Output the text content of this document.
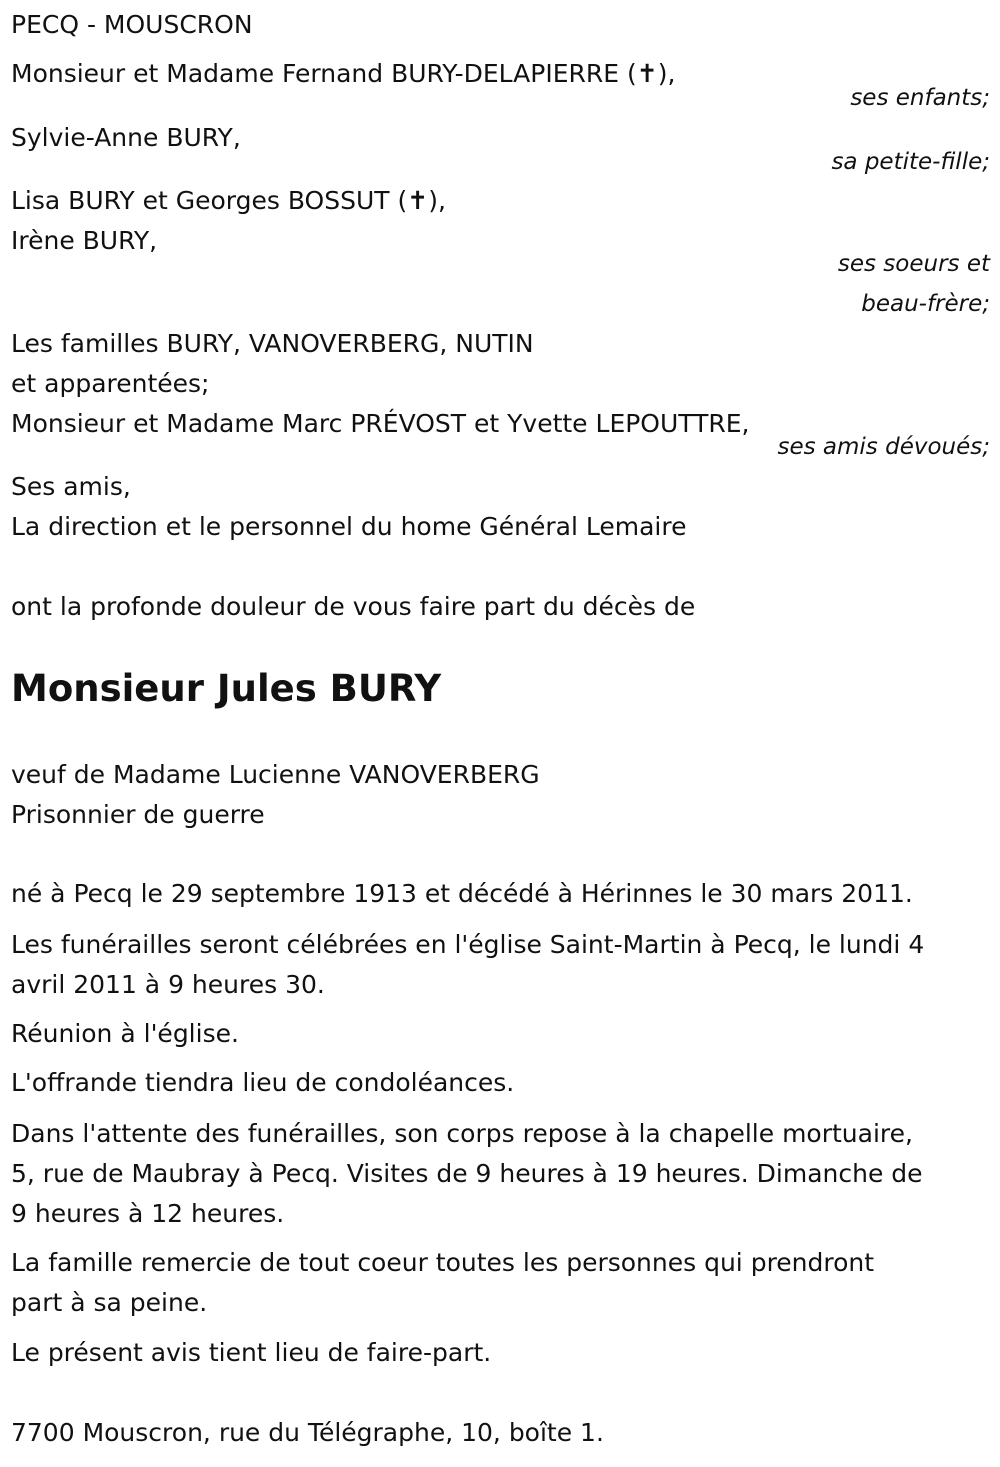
PECQ - MOUSCRON

Monsieur et Madame Fernand BURY-DELAPIERRE (✝),

ses enfants;

Sylvie-Anne BURY,

sa petite-fille;

Lisa BURY et Georges BOSSUT (✝),

Irène BURY,

ses soeurs et

beau-frère;

Les familles BURY, VANOVERBERG, NUTIN

et apparentées;

Monsieur et Madame Marc PRÉVOST et Yvette LEPOUTTRE,

ses amis dévoués;

Ses amis,

La direction et le personnel du home Général Lemaire

ont la profonde douleur de vous faire part du décès de

Monsieur Jules BURY

veuf de Madame Lucienne VANOVERBERG

Prisonnier de guerre

né à Pecq le 29 septembre 1913 et décédé à Hérinnes le 30 mars 2011.

Les funérailles seront célébrées en l'église Saint-Martin à Pecq, le lundi 4

avril 2011 à 9 heures 30.

Réunion à l'église.

L'offrande tiendra lieu de condoléances.

Dans l'attente des funérailles, son corps repose à la chapelle mortuaire,

5, rue de Maubray à Pecq. Visites de 9 heures à 19 heures. Dimanche de

9 heures à 12 heures.

La famille remercie de tout coeur toutes les personnes qui prendront

part à sa peine.

Le présent avis tient lieu de faire-part.

7700 Mouscron, rue du Télégraphe, 10, boîte 1.
